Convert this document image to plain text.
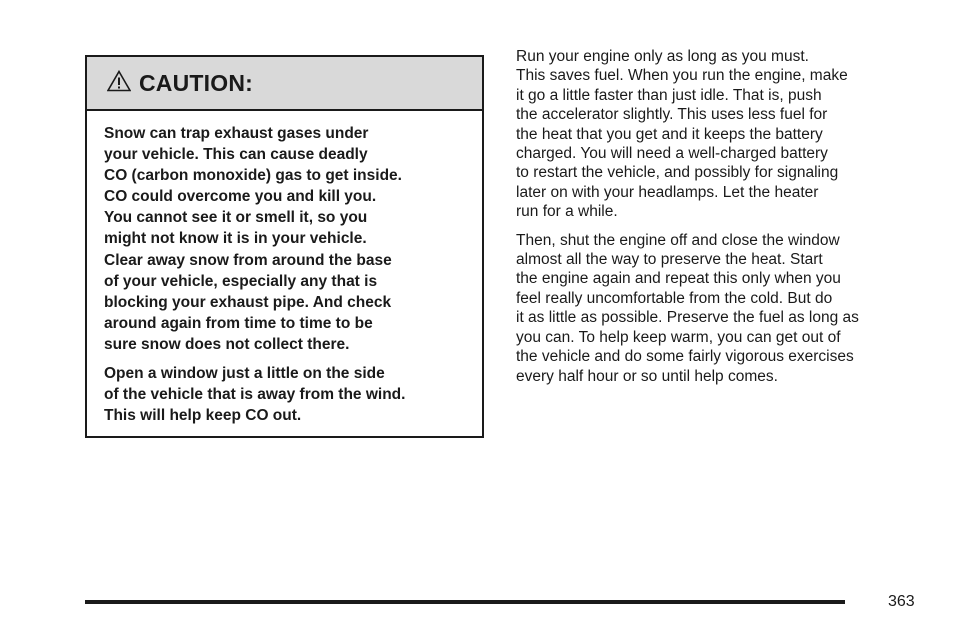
CAUTION:

Snow can trap exhaust gases under
your vehicle. This can cause deadly
CO (carbon monoxide) gas to get inside.
CO could overcome you and kill you.
You cannot see it or smell it, so you
might not know it is in your vehicle.
Clear away snow from around the base
of your vehicle, especially any that is
blocking your exhaust pipe. And check
around again from time to time to be
sure snow does not collect there.

Open a window just a little on the side
of the vehicle that is away from the wind.
This will help keep CO out.

Run your engine only as long as you must.
This saves fuel. When you run the engine, make
it go a little faster than just idle. That is, push
the accelerator slightly. This uses less fuel for
the heat that you get and it keeps the battery
charged. You will need a well-charged battery
to restart the vehicle, and possibly for signaling
later on with your headlamps. Let the heater
run for a while.

Then, shut the engine off and close the window
almost all the way to preserve the heat. Start
the engine again and repeat this only when you
feel really uncomfortable from the cold. But do
it as little as possible. Preserve the fuel as long as
you can. To help keep warm, you can get out of
the vehicle and do some fairly vigorous exercises
every half hour or so until help comes.

363
